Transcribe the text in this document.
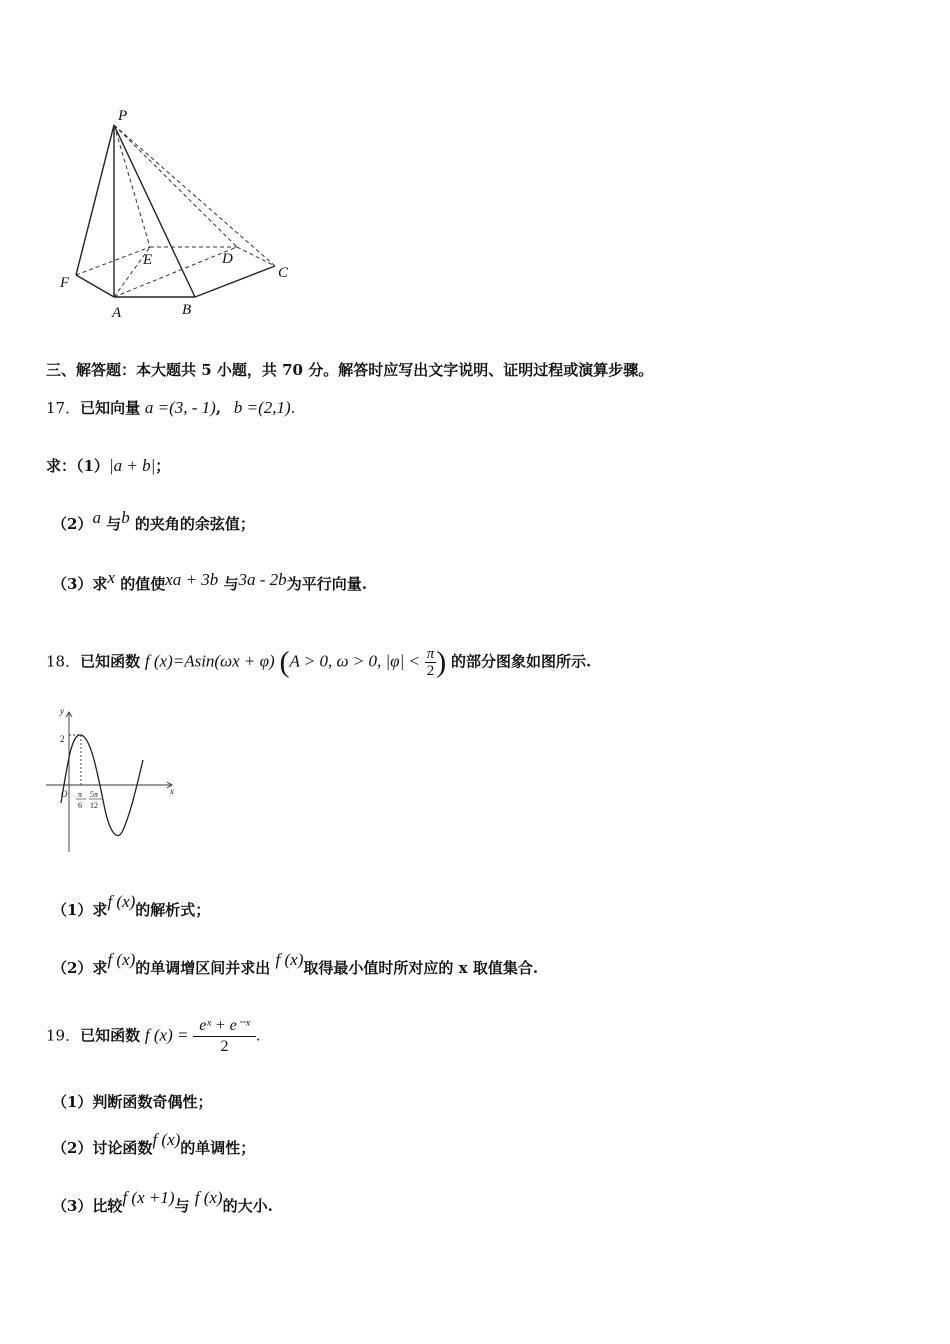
P
E	D
C
F
A	B
三、解答题：本大题共 5 小题，共 70 分。解答时应写出文字说明、证明过程或演算步骤。
17．已知向量 a =(3, - 1), b =(2,1).
求：（1）|a + b|；
（2）a 与b 的夹角的余弦值；
（3）求x 的值使xa + 3b 与3a - 2b为平行向量.
18．已知函数 f (x)=Asin(ωx + φ) (A > 0, ω > 0, $|\varphi| < \frac{\pi}{2}$ ) 的部分图象如图所示.
y
x
2
O π
6
5π
12
（1）求f (x)的解析式；
（2）求f (x)的单调增区间并求出 f (x)取得最小值时所对应的 x 取值集合.
19．已知函数 f $(x) = \frac{\text{eˣ + e⁻ˣ}}{2}$ .
（1）判断函数奇偶性；
（2）讨论函数f (x)的单调性；
（3）比较f (x +1)与 f (x)的大小.
